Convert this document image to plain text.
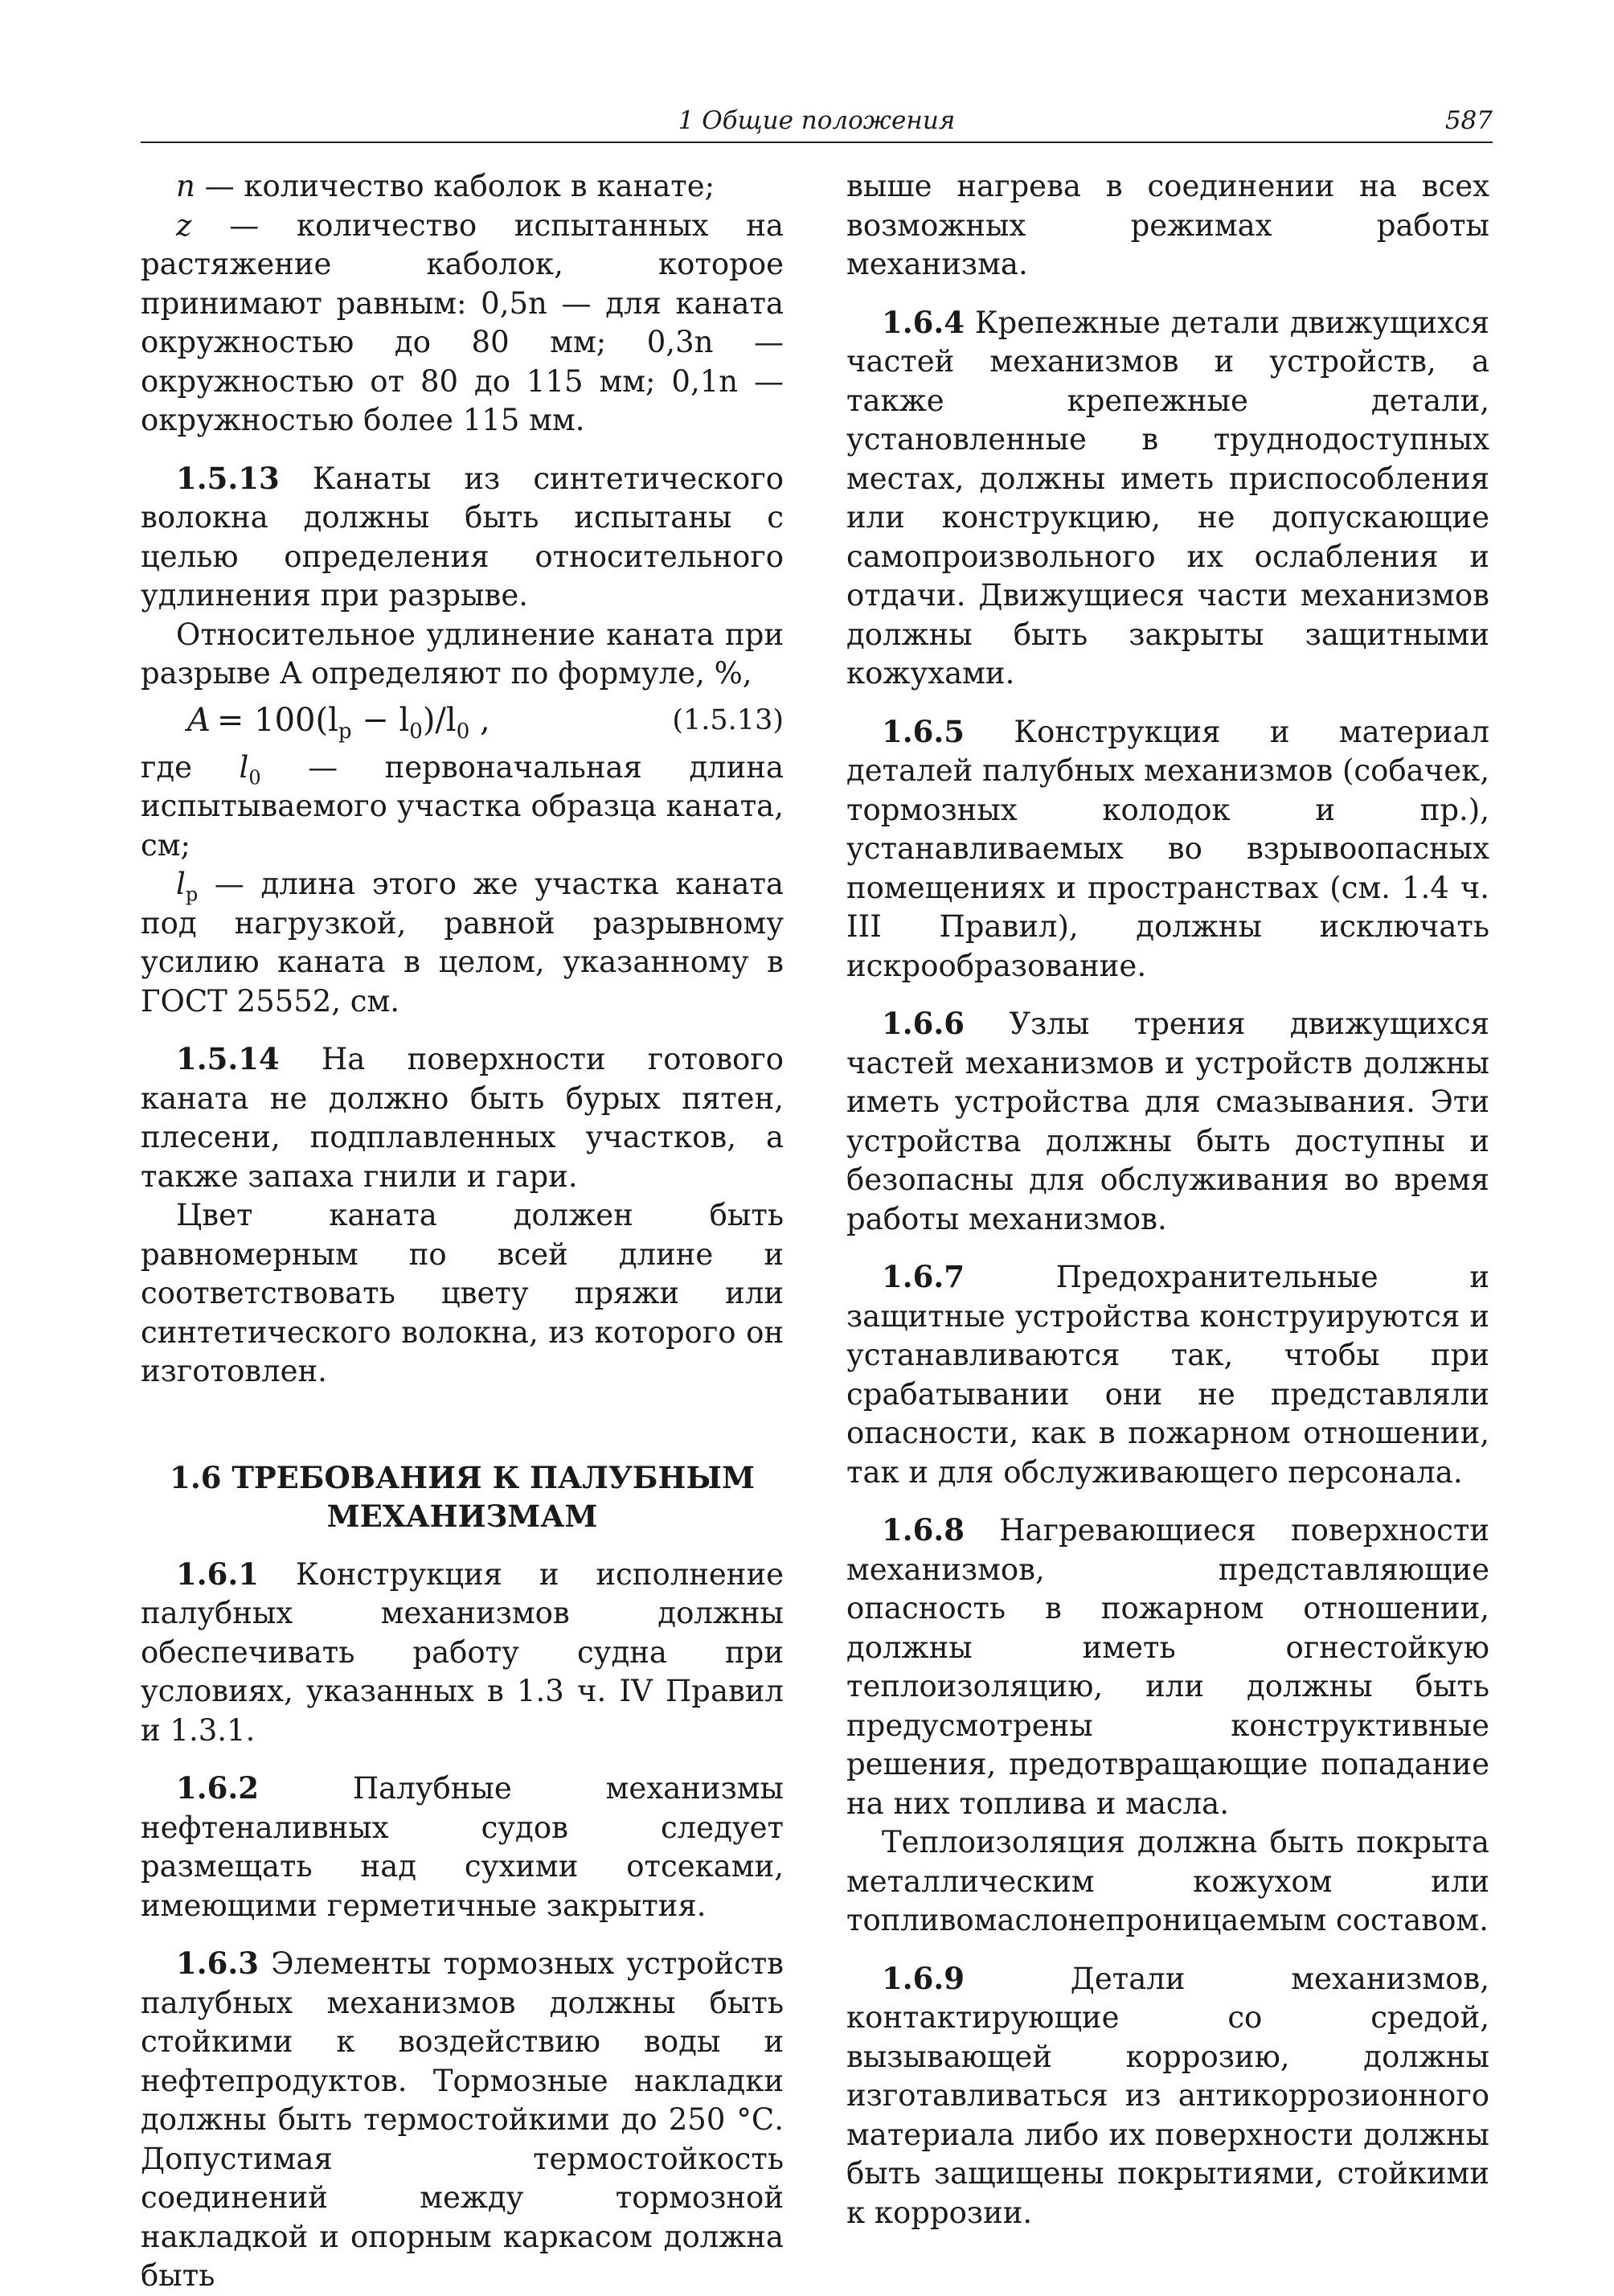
1 Общие положения	587

n — количество каболок в канате;

z — количество испытанных на растяжение каболок, которое принимают равным: 0,5n — для каната окружностью до 80 мм; 0,3n — окружностью от 80 до 115 мм; 0,1n — окружностью более 115 мм.

1.5.13 Канаты из синтетического волокна должны быть испытаны с целью определения относительного удлинения при разрыве.

Относительное удлинение каната при разрыве A определяют по формуле, %,

$A = 100(l_p - l_0)/l_0$ ,	(1.5.13)

где $l_0$ — первоначальная длина испытываемого участка образца каната, см;

$l_p$ — длина этого же участка каната под нагрузкой, равной разрывному усилию каната в целом, указанному в ГОСТ 25552, см.

1.5.14 На поверхности готового каната не должно быть бурых пятен, плесени, подплавленных участков, а также запаха гнили и гари.

Цвет каната должен быть равномерным по всей длине и соответствовать цвету пряжи или синтетического волокна, из которого он изготовлен.

1.6 ТРЕБОВАНИЯ К ПАЛУБНЫМ
МЕХАНИЗМАМ

1.6.1 Конструкция и исполнение палубных механизмов должны обеспечивать работу судна при условиях, указанных в 1.3 ч. IV Правил и 1.3.1.

1.6.2 Палубные механизмы нефтеналивных судов следует размещать над сухими отсеками, имеющими герметичные закрытия.

1.6.3 Элементы тормозных устройств палубных механизмов должны быть стойкими к воздействию воды и нефтепродуктов. Тормозные накладки должны быть термостойкими до 250 °С. Допустимая термостойкость соединений между тормозной накладкой и опорным каркасом должна быть

выше нагрева в соединении на всех возможных режимах работы механизма.

1.6.4 Крепежные детали движущихся частей механизмов и устройств, а также крепежные детали, установленные в труднодоступных местах, должны иметь приспособления или конструкцию, не допускающие самопроизвольного их ослабления и отдачи. Движущиеся части механизмов должны быть закрыты защитными кожухами.

1.6.5 Конструкция и материал деталей палубных механизмов (собачек, тормозных колодок и пр.), устанавливаемых во взрывоопасных помещениях и пространствах (см. 1.4 ч. III Правил), должны исключать искрообразование.

1.6.6 Узлы трения движущихся частей механизмов и устройств должны иметь устройства для смазывания. Эти устройства должны быть доступны и безопасны для обслуживания во время работы механизмов.

1.6.7 Предохранительные и защитные устройства конструируются и устанавливаются так, чтобы при срабатывании они не представляли опасности, как в пожарном отношении, так и для обслуживающего персонала.

1.6.8 Нагревающиеся поверхности механизмов, представляющие опасность в пожарном отношении, должны иметь огнестойкую теплоизоляцию, или должны быть предусмотрены конструктивные решения, предотвращающие попадание на них топлива и масла.

Теплоизоляция должна быть покрыта металлическим кожухом или топливомаслонепроницаемым составом.

1.6.9 Детали механизмов, контактирующие со средой, вызывающей коррозию, должны изготавливаться из антикоррозионного материала либо их поверхности должны быть защищены покрытиями, стойкими к коррозии.
